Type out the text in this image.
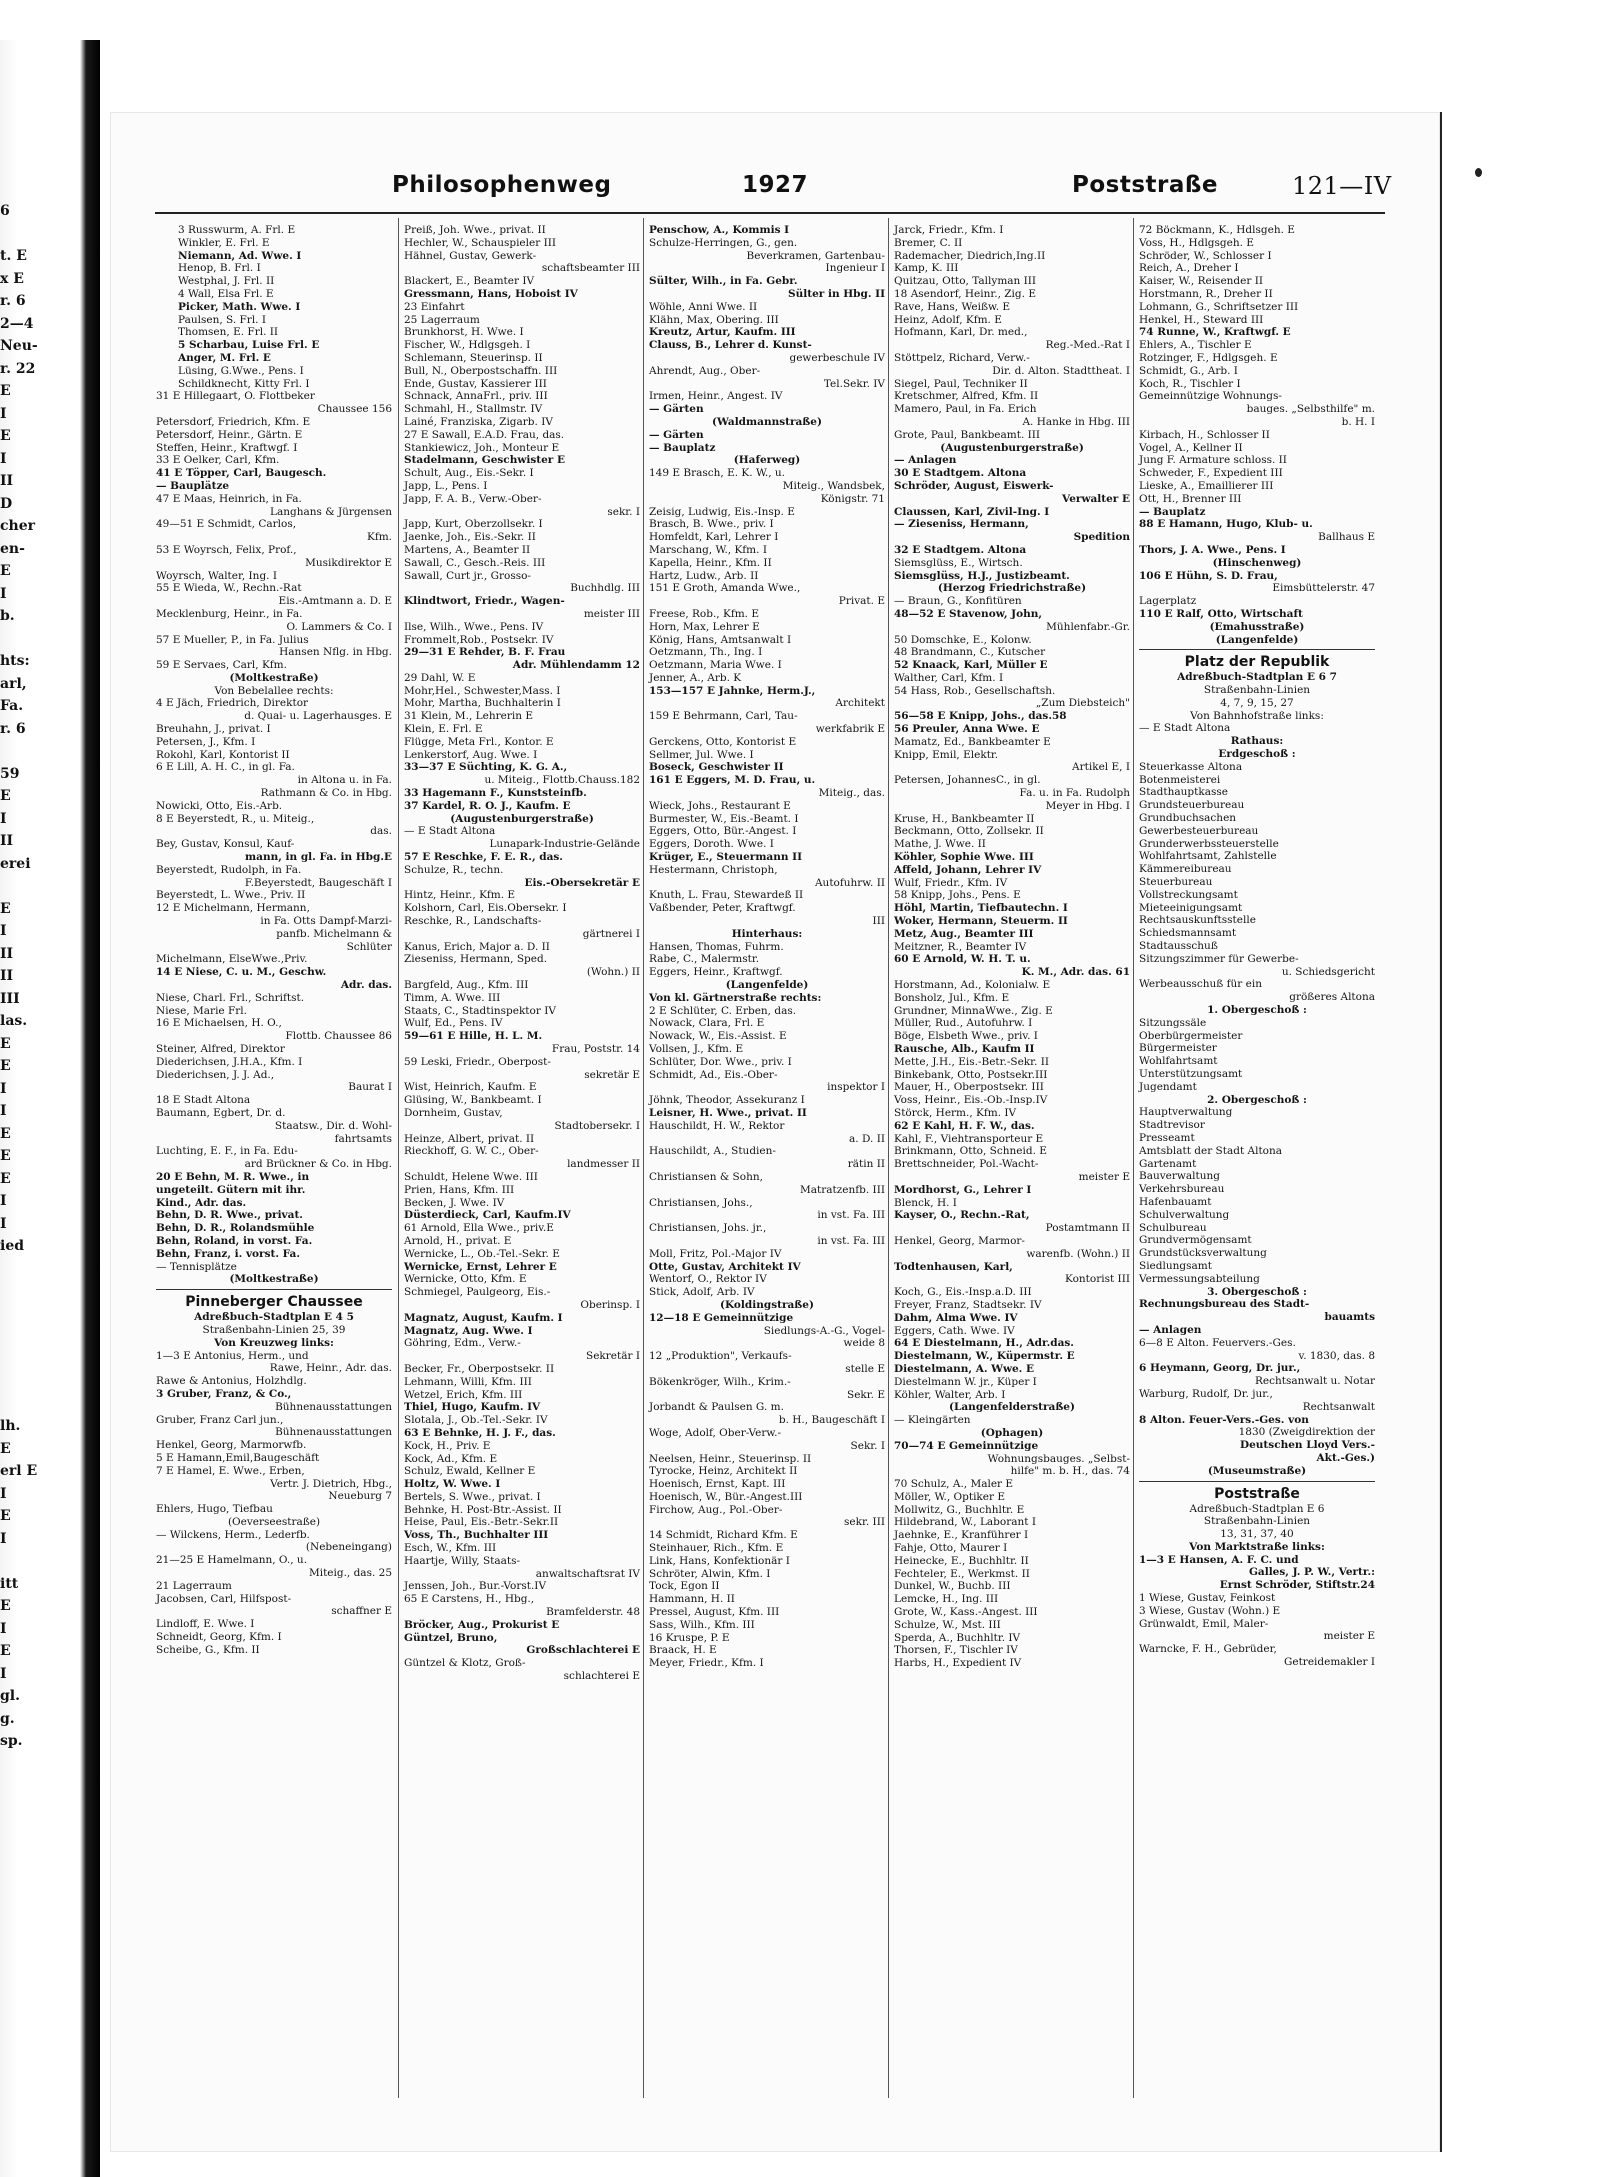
6
t. E
x E
r. 6
2—4
Neu-
r. 22
E
I
E
I
II
D
cher
en-
E
I
b.
hts:
arl,
Fa.
r. 6
59
E
I
II
erei
E
I
II
II
III
las.
E
E
I
I
E
E
E
I
I
ied
lh.
E
erl E
I
E
I
itt
E
I
E
I
gl.
g.
sp.
Philosophenweg	1927	Poststraße	121—IV
3 Russwurm, A. Frl. E
Winkler, E. Frl. E
Niemann, Ad. Wwe. I
Henop, B. Frl. I
Westphal, J. Frl. II
4 Wall, Elsa Frl. E
Picker, Math. Wwe. I
Paulsen, S. Frl. I
Thomsen, E. Frl. II
5 Scharbau, Luise Frl. E
Anger, M. Frl. E
Lüsing, G.Wwe., Pens. I
Schildknecht, Kitty Frl. I
31 E Hillegaart, O. Flottbeker
Chaussee 156
Petersdorf, Friedrich, Kfm. E
Petersdorf, Heinr., Gärtn. E
Steffen, Heinr., Kraftwgf. I
33 E Oelker, Carl, Kfm.
41 E Töpper, Carl, Baugesch.
— Bauplätze
47 E Maas, Heinrich, in Fa.
Langhans & Jürgensen
49—51 E Schmidt, Carlos,
Kfm.
53 E Woyrsch, Felix, Prof.,
Musikdirektor E
Woyrsch, Walter, Ing. I
55 E Wieda, W., Rechn.-Rat
Eis.-Amtmann a. D. E
Mecklenburg, Heinr., in Fa.
O. Lammers & Co. I
57 E Mueller, P., in Fa. Julius
Hansen Nflg. in Hbg.
59 E Servaes, Carl, Kfm.
(Moltkestraße)
Von Bebelallee rechts:
4 E Jäch, Friedrich, Direktor
d. Quai- u. Lagerhausges. E
Breuhahn, J., privat. I
Petersen, J., Kfm. I
Rokohl, Karl, Kontorist II
6 E Lill, A. H. C., in gl. Fa.
in Altona u. in Fa.
Rathmann & Co. in Hbg.
Nowicki, Otto, Eis.-Arb.
8 E Beyerstedt, R., u. Miteig.,
das.
Bey, Gustav, Konsul, Kauf-
mann, in gl. Fa. in Hbg.E
Beyerstedt, Rudolph, in Fa.
F.Beyerstedt, Baugeschäft I
Beyerstedt, L. Wwe., Priv. II
12 E Michelmann, Hermann,
in Fa. Otts Dampf-Marzi-
panfb. Michelmann &
Schlüter
Michelmann, ElseWwe.,Priv.
14 E Niese, C. u. M., Geschw.
Adr. das.
Niese, Charl. Frl., Schriftst.
Niese, Marie Frl.
16 E Michaelsen, H. O.,
Flottb. Chaussee 86
Steiner, Alfred, Direktor
Diederichsen, J.H.A., Kfm. I
Diederichsen, J. J. Ad.,
Baurat I
18 E Stadt Altona
Baumann, Egbert, Dr. d.
Staatsw., Dir. d. Wohl-
fahrtsamts
Luchting, E. F., in Fa. Edu-
ard Brückner & Co. in Hbg.
20 E Behn, M. R. Wwe., in
ungeteilt. Gütern mit ihr.
Kind., Adr. das.
Behn, D. R. Wwe., privat.
Behn, D. R., Rolandsmühle
Behn, Roland, in vorst. Fa.
Behn, Franz, i. vorst. Fa.
— Tennisplätze
(Moltkestraße)
Pinneberger Chaussee
Adreßbuch-Stadtplan E 4 5
Straßenbahn-Linien 25, 39
Von Kreuzweg links:
1—3 E Antonius, Herm., und
Rawe, Heinr., Adr. das.
Rawe & Antonius, Holzhdlg.
3 Gruber, Franz, & Co.,
Bühnenausstattungen
Gruber, Franz Carl jun.,
Bühnenausstattungen
Henkel, Georg, Marmorwfb.
5 E Hamann,Emil,Baugeschäft
7 E Hamel, E. Wwe., Erben,
Vertr. J. Dietrich, Hbg.,
Neueburg 7
Ehlers, Hugo, Tiefbau
(Oeverseestraße)
— Wilckens, Herm., Lederfb.
(Nebeneingang)
21—25 E Hamelmann, O., u.
Miteig., das. 25
21 Lagerraum
Jacobsen, Carl, Hilfspost-
schaffner E
Lindloff, E. Wwe. I
Schneidt, Georg, Kfm. I
Scheibe, G., Kfm. II
Preiß, Joh. Wwe., privat. II
Hechler, W., Schauspieler III
Hähnel, Gustav, Gewerk-
schaftsbeamter III
Blackert, E., Beamter IV
Gressmann, Hans, Hoboist IV
23 Einfahrt
25 Lagerraum
Brunkhorst, H. Wwe. I
Fischer, W., Hdlgsgeh. I
Schlemann, Steuerinsp. II
Bull, N., Oberpostschaffn. III
Ende, Gustav, Kassierer III
Schnack, AnnaFrl., priv. III
Schmahl, H., Stallmstr. IV
Lainé, Franziska, Zigarb. IV
27 E Sawall, E.A.D. Frau, das.
Stankiewicz, Joh., Monteur E
Stadelmann, Geschwister E
Schult, Aug., Eis.-Sekr. I
Japp, L., Pens. I
Japp, F. A. B., Verw.-Ober-
sekr. I
Japp, Kurt, Oberzollsekr. I
Jaenke, Joh., Eis.-Sekr. II
Martens, A., Beamter II
Sawall, C., Gesch.-Reis. III
Sawall, Curt jr., Grosso-
Buchhdlg. III
Klindtwort, Friedr., Wagen-
meister III
Ilse, Wilh., Wwe., Pens. IV
Frommelt,Rob., Postsekr. IV
29—31 E Rehder, B. F. Frau
Adr. Mühlendamm 12
29 Dahl, W. E
Mohr,Hel., Schwester,Mass. I
Mohr, Martha, Buchhalterin I
31 Klein, M., Lehrerin E
Klein, E. Frl. E
Flügge, Meta Frl., Kontor. E
Lenkerstorf, Aug. Wwe. I
33—37 E Süchting, K. G. A.,
u. Miteig., Flottb.Chauss.182
33 Hagemann F., Kunststeinfb.
37 Kardel, R. O. J., Kaufm. E
(Augustenburgerstraße)
— E Stadt Altona
Lunapark-Industrie-Gelände
57 E Reschke, F. E. R., das.
Schulze, R., techn.
Eis.-Obersekretär E
Hintz, Heinr., Kfm. E
Kolshorn, Carl, Eis.Obersekr. I
Reschke, R., Landschafts-
gärtnerei I
Kanus, Erich, Major a. D. II
Zieseniss, Hermann, Sped.
(Wohn.) II
Bargfeld, Aug., Kfm. III
Timm, A. Wwe. III
Staats, C., Stadtinspektor IV
Wulf, Ed., Pens. IV
59—61 E Hille, H. L. M.
Frau, Poststr. 14
59 Leski, Friedr., Oberpost-
sekretär E
Wist, Heinrich, Kaufm. E
Glüsing, W., Bankbeamt. I
Dornheim, Gustav,
Stadtobersekr. I
Heinze, Albert, privat. II
Rieckhoff, G. W. C., Ober-
landmesser II
Schuldt, Helene Wwe. III
Prien, Hans, Kfm. III
Becken, J. Wwe. IV
Düsterdieck, Carl, Kaufm.IV
61 Arnold, Ella Wwe., priv.E
Arnold, H., privat. E
Wernicke, L., Ob.-Tel.-Sekr. E
Wernicke, Ernst, Lehrer E
Wernicke, Otto, Kfm. E
Schmiegel, Paulgeorg, Eis.-
Oberinsp. I
Magnatz, August, Kaufm. I
Magnatz, Aug. Wwe. I
Göhring, Edm., Verw.-
Sekretär I
Becker, Fr., Oberpostsekr. II
Lehmann, Willi, Kfm. III
Wetzel, Erich, Kfm. III
Thiel, Hugo, Kaufm. IV
Slotala, J., Ob.-Tel.-Sekr. IV
63 E Behnke, H. J. F., das.
Kock, H., Priv. E
Kock, Ad., Kfm. E
Schulz, Ewald, Kellner E
Holtz, W. Wwe. I
Bertels, S. Wwe., privat. I
Behnke, H. Post-Btr.-Assist. II
Heise, Paul, Eis.-Betr.-Sekr.II
Voss, Th., Buchhalter III
Esch, W., Kfm. III
Haartje, Willy, Staats-
anwaltschaftsrat IV
Jenssen, Joh., Bur.-Vorst.IV
65 E Carstens, H., Hbg.,
Bramfelderstr. 48
Bröcker, Aug., Prokurist E
Güntzel, Bruno,
Großschlachterei E
Güntzel & Klotz, Groß-
schlachterei E
Penschow, A., Kommis I
Schulze-Herringen, G., gen.
Beverkramen, Gartenbau-
Ingenieur I
Sülter, Wilh., in Fa. Gebr.
Sülter in Hbg. II
Wöhle, Anni Wwe. II
Klähn, Max, Obering. III
Kreutz, Artur, Kaufm. III
Clauss, B., Lehrer d. Kunst-
gewerbeschule IV
Ahrendt, Aug., Ober-
Tel.Sekr. IV
Irmen, Heinr., Angest. IV
— Gärten
(Waldmannstraße)
— Gärten
— Bauplatz
(Haferweg)
149 E Brasch, E. K. W., u.
Miteig., Wandsbek,
Königstr. 71
Zeisig, Ludwig, Eis.-Insp. E
Brasch, B. Wwe., priv. I
Homfeldt, Karl, Lehrer I
Marschang, W., Kfm. I
Kapella, Heinr., Kfm. II
Hartz, Ludw., Arb. II
151 E Groth, Amanda Wwe.,
Privat. E
Freese, Rob., Kfm. E
Horn, Max, Lehrer E
König, Hans, Amtsanwalt I
Oetzmann, Th., Ing. I
Oetzmann, Maria Wwe. I
Jenner, A., Arb. K
153—157 E Jahnke, Herm.J.,
Architekt
159 E Behrmann, Carl, Tau-
werkfabrik E
Gerckens, Otto, Kontorist E
Sellmer, Jul. Wwe. I
Boseck, Geschwister II
161 E Eggers, M. D. Frau, u.
Miteig., das.
Wieck, Johs., Restaurant E
Burmester, W., Eis.-Beamt. I
Eggers, Otto, Bür.-Angest. I
Eggers, Doroth. Wwe. I
Krüger, E., Steuermann II
Hestermann, Christoph,
Autofuhrw. II
Knuth, L. Frau, Stewardeß II
Vaßbender, Peter, Kraftwgf.
III
Hinterhaus:
Hansen, Thomas, Fuhrm.
Rabe, C., Malermstr.
Eggers, Heinr., Kraftwgf.
(Langenfelde)
Von kl. Gärtnerstraße rechts:
2 E Schlüter, C. Erben, das.
Nowack, Clara, Frl. E
Nowack, W., Eis.-Assist. E
Vollsen, J., Kfm. E
Schlüter, Dor. Wwe., priv. I
Schmidt, Ad., Eis.-Ober-
inspektor I
Jöhnk, Theodor, Assekuranz I
Leisner, H. Wwe., privat. II
Hauschildt, H. W., Rektor
a. D. II
Hauschildt, A., Studien-
rätin II
Christiansen & Sohn,
Matratzenfb. III
Christiansen, Johs.,
in vst. Fa. III
Christiansen, Johs. jr.,
in vst. Fa. III
Moll, Fritz, Pol.-Major IV
Otte, Gustav, Architekt IV
Wentorf, O., Rektor IV
Stick, Adolf, Arb. IV
(Koldingstraße)
12—18 E Gemeinnützige
Siedlungs-A.-G., Vogel-
weide 8
12 „Produktion", Verkaufs-
stelle E
Bökenkröger, Wilh., Krim.-
Sekr. E
Jorbandt & Paulsen G. m.
b. H., Baugeschäft I
Woge, Adolf, Ober-Verw.-
Sekr. I
Neelsen, Heinr., Steuerinsp. II
Tyrocke, Heinz, Architekt II
Hoenisch, Ernst, Kapt. III
Hoenisch, W., Bür.-Angest.III
Firchow, Aug., Pol.-Ober-
sekr. III
14 Schmidt, Richard Kfm. E
Steinhauer, Rich., Kfm. E
Link, Hans, Konfektionär I
Schröter, Alwin, Kfm. I
Tock, Egon II
Hammann, H. II
Pressel, August, Kfm. III
Sass, Wilh., Kfm. III
16 Kruspe, P. E
Braack, H. E
Meyer, Friedr., Kfm. I
Jarck, Friedr., Kfm. I
Bremer, C. II
Rademacher, Diedrich,Ing.II
Kamp, K. III
Quitzau, Otto, Tallyman III
18 Asendorf, Heinr., Zig. E
Rave, Hans, Weißw. E
Heinz, Adolf, Kfm. E
Hofmann, Karl, Dr. med.,
Reg.-Med.-Rat I
Stöttpelz, Richard, Verw.-
Dir. d. Alton. Stadttheat. I
Siegel, Paul, Techniker II
Kretschmer, Alfred, Kfm. II
Mamero, Paul, in Fa. Erich
A. Hanke in Hbg. III
Grote, Paul, Bankbeamt. III
(Augustenburgerstraße)
— Anlagen
30 E Stadtgem. Altona
Schröder, August, Eiswerk-
Verwalter E
Claussen, Karl, Zivil-Ing. I
— Zieseniss, Hermann,
Spedition
32 E Stadtgem. Altona
Siemsglüss, E., Wirtsch.
Siemsglüss, H.J., Justizbeamt.
(Herzog Friedrichstraße)
— Braun, G., Konfitüren
48—52 E Stavenow, John,
Mühlenfabr.-Gr.
50 Domschke, E., Kolonw.
48 Brandmann, C., Kutscher
52 Knaack, Karl, Müller E
Walther, Carl, Kfm. I
54 Hass, Rob., Gesellschaftsh.
„Zum Diebsteich"
56—58 E Knipp, Johs., das.58
56 Preuler, Anna Wwe. E
Mamatz, Ed., Bankbeamter E
Knipp, Emil, Elektr.
Artikel E, I
Petersen, JohannesC., in gl.
Fa. u. in Fa. Rudolph
Meyer in Hbg. I
Kruse, H., Bankbeamter II
Beckmann, Otto, Zollsekr. II
Mathe, J. Wwe. II
Köhler, Sophie Wwe. III
Affeld, Johann, Lehrer IV
Wulf, Friedr., Kfm. IV
58 Knipp, Johs., Pens. E
Höhl, Martin, Tiefbautechn. I
Woker, Hermann, Steuerm. II
Metz, Aug., Beamter III
Meitzner, R., Beamter IV
60 E Arnold, W. H. T. u.
K. M., Adr. das. 61
Horstmann, Ad., Kolonialw. E
Bonsholz, Jul., Kfm. E
Grundner, MinnaWwe., Zig. E
Müller, Rud., Autofuhrw. I
Böge, Elsbeth Wwe., priv. I
Rausche, Alb., Kaufm II
Mette, J.H., Eis.-Betr.-Sekr. II
Binkebank, Otto, Postsekr.III
Mauer, H., Oberpostsekr. III
Voss, Heinr., Eis.-Ob.-Insp.IV
Störck, Herm., Kfm. IV
62 E Kahl, H. F. W., das.
Kahl, F., Viehtransporteur E
Brinkmann, Otto, Schneid. E
Brettschneider, Pol.-Wacht-
meister E
Mordhorst, G., Lehrer I
Blenck, H. I
Kayser, O., Rechn.-Rat,
Postamtmann II
Henkel, Georg, Marmor-
warenfb. (Wohn.) II
Todtenhausen, Karl,
Kontorist III
Koch, G., Eis.-Insp.a.D. III
Freyer, Franz, Stadtsekr. IV
Dahm, Alma Wwe. IV
Eggers, Cath. Wwe. IV
64 E Diestelmann, H., Adr.das.
Diestelmann, W., Küpermstr. E
Diestelmann, A. Wwe. E
Diestelmann W. jr., Küper I
Köhler, Walter, Arb. I
(Langenfelderstraße)
— Kleingärten
(Ophagen)
70—74 E Gemeinnützige
Wohnungsbauges. „Selbst-
hilfe" m. b. H., das. 74
70 Schulz, A., Maler E
Möller, W., Optiker E
Mollwitz, G., Buchhltr. E
Hildebrand, W., Laborant I
Jaehnke, E., Kranführer I
Fahje, Otto, Maurer I
Heinecke, E., Buchhltr. II
Fechteler, E., Werkmst. II
Dunkel, W., Buchb. III
Lemcke, H., Ing. III
Grote, W., Kass.-Angest. III
Schulze, W., Mst. III
Sperda, A., Buchhltr. IV
Thorsen, F., Tischler IV
Harbs, H., Expedient IV
72 Böckmann, K., Hdlsgeh. E
Voss, H., Hdlgsgeh. E
Schröder, W., Schlosser I
Reich, A., Dreher I
Kaiser, W., Reisender II
Horstmann, R., Dreher II
Lohmann, G., Schriftsetzer III
Henkel, H., Steward III
74 Runne, W., Kraftwgf. E
Ehlers, A., Tischler E
Rotzinger, F., Hdlgsgeh. E
Schmidt, G., Arb. I
Koch, R., Tischler I
Gemeinnützige Wohnungs-
bauges. „Selbsthilfe" m.
b. H. I
Kirbach, H., Schlosser II
Vogel, A., Kellner II
Jung F. Armature schloss. II
Schweder, F., Expedient III
Lieske, A., Emaillierer III
Ott, H., Brenner III
— Bauplatz
88 E Hamann, Hugo, Klub- u.
Ballhaus E
Thors, J. A. Wwe., Pens. I
(Hinschenweg)
106 E Hühn, S. D. Frau,
Eimsbüttelerstr. 47
Lagerplatz
110 E Ralf, Otto, Wirtschaft
(Emahusstraße)
(Langenfelde)
Platz der Republik
Adreßbuch-Stadtplan E 6 7
Straßenbahn-Linien
4, 7, 9, 15, 27
Von Bahnhofstraße links:
— E Stadt Altona
Rathaus:
Erdgeschoß :
Steuerkasse Altona
Botenmeisterei
Stadthauptkasse
Grundsteuerbureau
Grundbuchsachen
Gewerbesteuerbureau
Grunderwerbssteuerstelle
Wohlfahrtsamt, Zahlstelle
Kämmereibureau
Steuerbureau
Vollstreckungsamt
Mieteeinigungsamt
Rechtsauskunftsstelle
Schiedsmannsamt
Stadtausschuß
Sitzungszimmer für Gewerbe-
u. Schiedsgericht
Werbeausschuß für ein
größeres Altona
1. Obergeschoß :
Sitzungssäle
Oberbürgermeister
Bürgermeister
Wohlfahrtsamt
Unterstützungsamt
Jugendamt
2. Obergeschoß :
Hauptverwaltung
Stadtrevisor
Presseamt
Amtsblatt der Stadt Altona
Gartenamt
Bauverwaltung
Verkehrsbureau
Hafenbauamt
Schulverwaltung
Schulbureau
Grundvermögensamt
Grundstücksverwaltung
Siedlungsamt
Vermessungsabteilung
3. Obergeschoß :
Rechnungsbureau des Stadt-
bauamts
— Anlagen
6—8 E Alton. Feuervers.-Ges.
v. 1830, das. 8
6 Heymann, Georg, Dr. jur.,
Rechtsanwalt u. Notar
Warburg, Rudolf, Dr. jur.,
Rechtsanwalt
8 Alton. Feuer-Vers.-Ges. von
1830 (Zweigdirektion der
Deutschen Lloyd Vers.-
Akt.-Ges.)
(Museumstraße)
Poststraße
Adreßbuch-Stadtplan E 6
Straßenbahn-Linien
13, 31, 37, 40
Von Marktstraße links:
1—3 E Hansen, A. F. C. und
Galles, J. P. W., Vertr.:
Ernst Schröder, Stiftstr.24
1 Wiese, Gustav, Feinkost
3 Wiese, Gustav (Wohn.) E
Grünwaldt, Emil, Maler-
meister E
Warncke, F. H., Gebrüder,
Getreidemakler I
